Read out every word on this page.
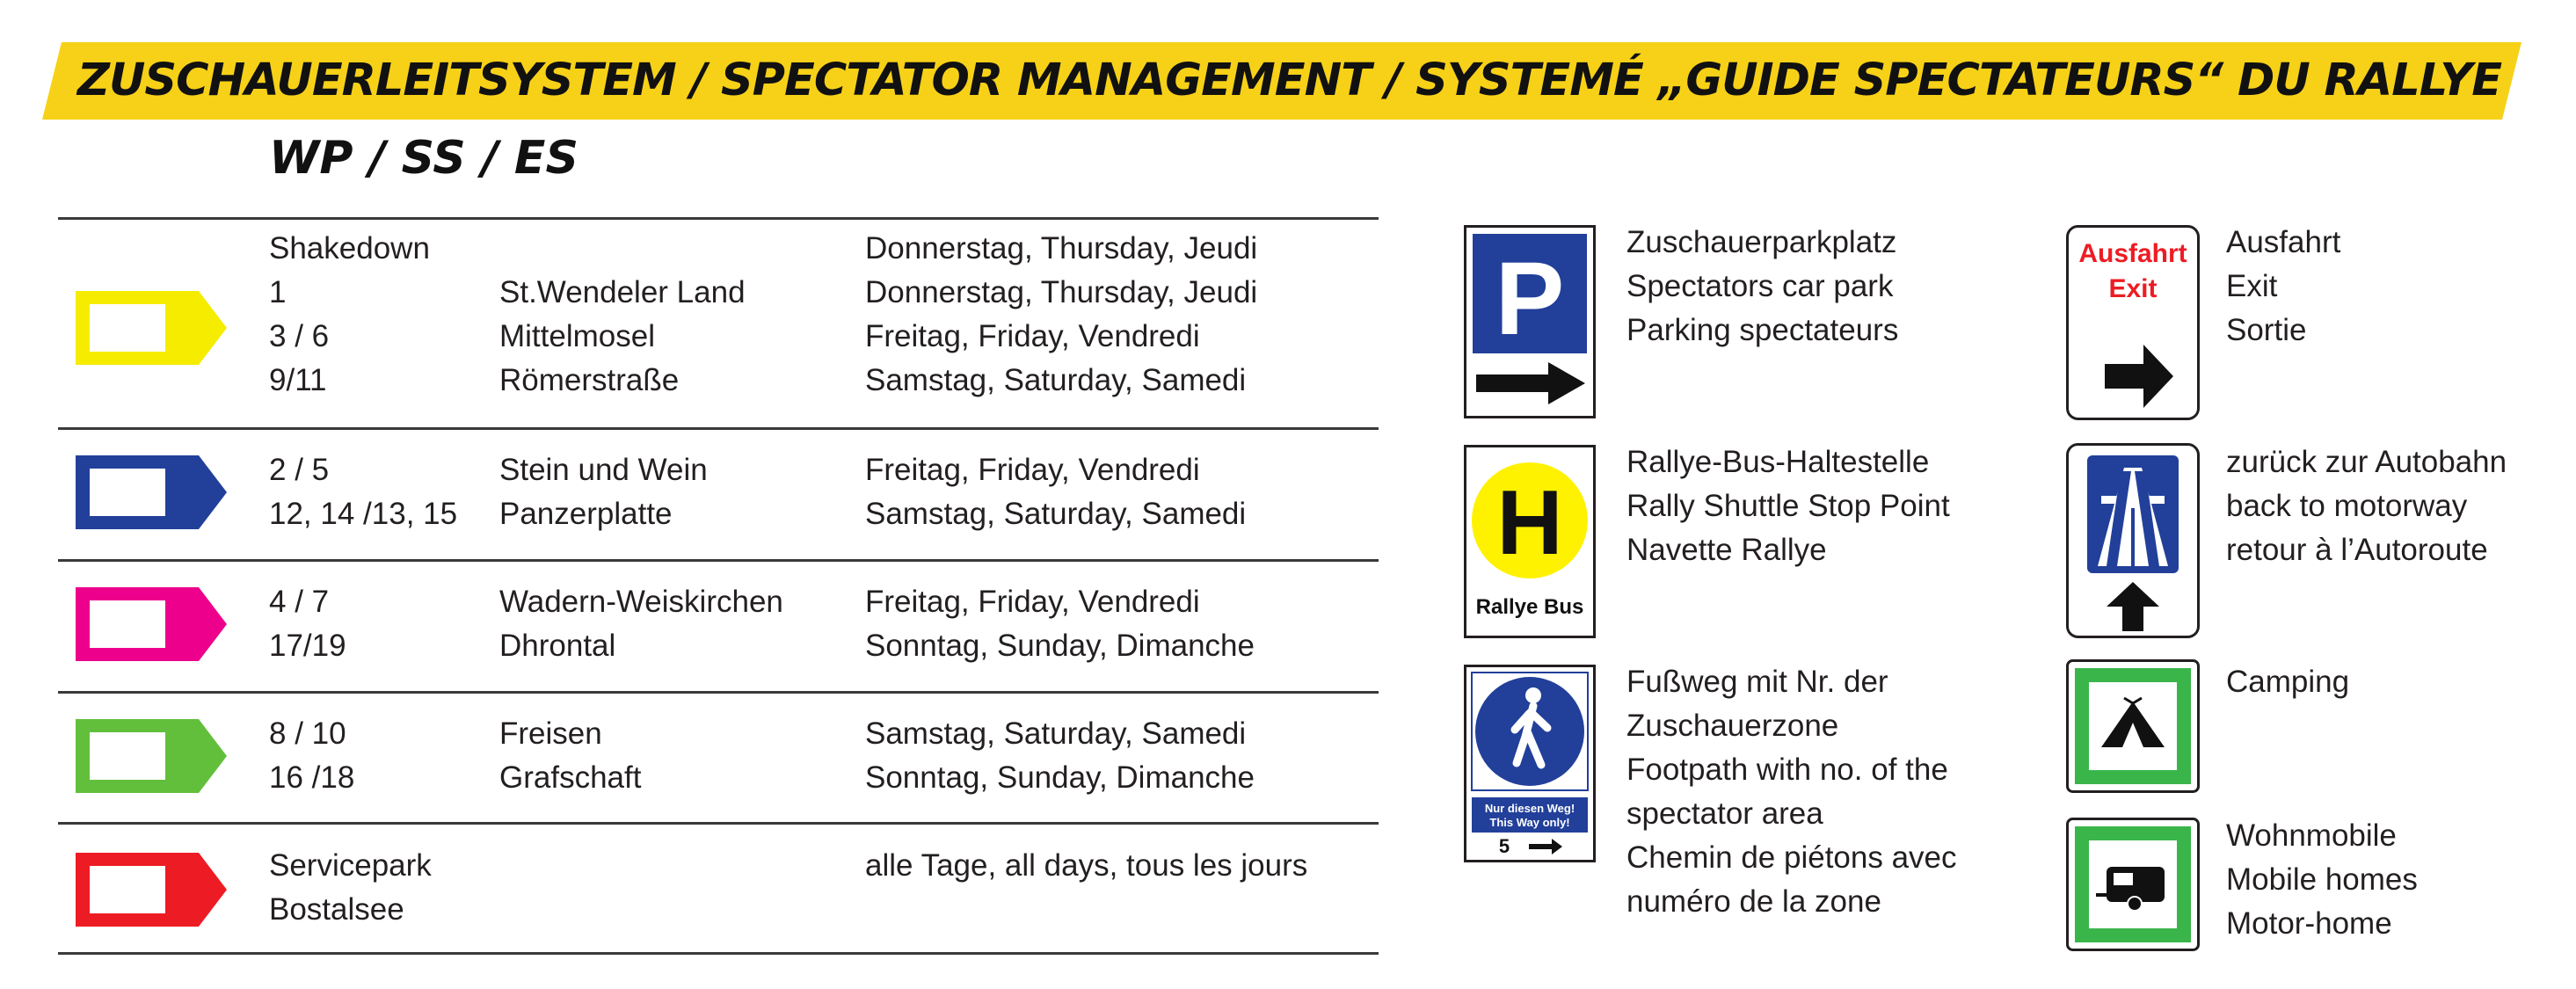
ZUSCHAUERLEITSYSTEM / SPECTATOR MANAGEMENT / SYSTEMÉ „GUIDE SPECTATEURS“ DU RALLYE
WP / SS / ES
Shakedown
1
3 / 6
9/11
St.Wendeler Land
Mittelmosel
Römerstraße
Donnerstag, Thursday, Jeudi
Donnerstag, Thursday, Jeudi
Freitag, Friday, Vendredi
Samstag, Saturday, Samedi
2 / 5
12, 14 /13, 15
Stein und Wein
Panzerplatte
Freitag, Friday, Vendredi
Samstag, Saturday, Samedi
4 / 7
17/19
Wadern-Weiskirchen
Dhrontal
Freitag, Friday, Vendredi
Sonntag, Sunday, Dimanche
8 / 10
16 /18
Freisen
Grafschaft
Samstag, Saturday, Samedi
Sonntag, Sunday, Dimanche
Servicepark
Bostalsee
alle Tage, all days, tous les jours
P Zuschauerparkplatz
Spectators car park
Parking spectateurs
H
Rallye Bus
Rallye-Bus-Haltestelle
Rally Shuttle Stop Point
Navette Rallye
Nur diesen Weg!
This Way only!
5
Fußweg mit Nr. der
Zuschauerzone
Footpath with no. of the
spectator area
Chemin de piétons avec
numéro de la zone
Ausfahrt
Exit
Ausfahrt
Exit
Sortie
zurück zur Autobahn
back to motorway
retour à l’Autoroute
Camping
Wohnmobile
Mobile homes
Motor-home
